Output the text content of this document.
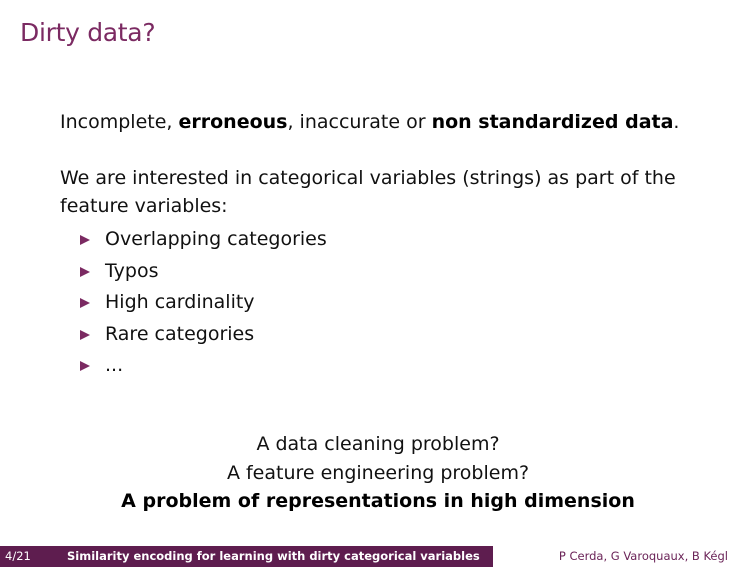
Dirty data?

Incomplete, erroneous, inaccurate or non standardized data.

We are interested in categorical variables (strings) as part of the feature variables:

Overlapping categories
Typos
High cardinality
Rare categories
...
A data cleaning problem?
A feature engineering problem?
A problem of representations in high dimension
4/21	Similarity encoding for learning with dirty categorical variables	P Cerda, G Varoquaux, B Kégl
